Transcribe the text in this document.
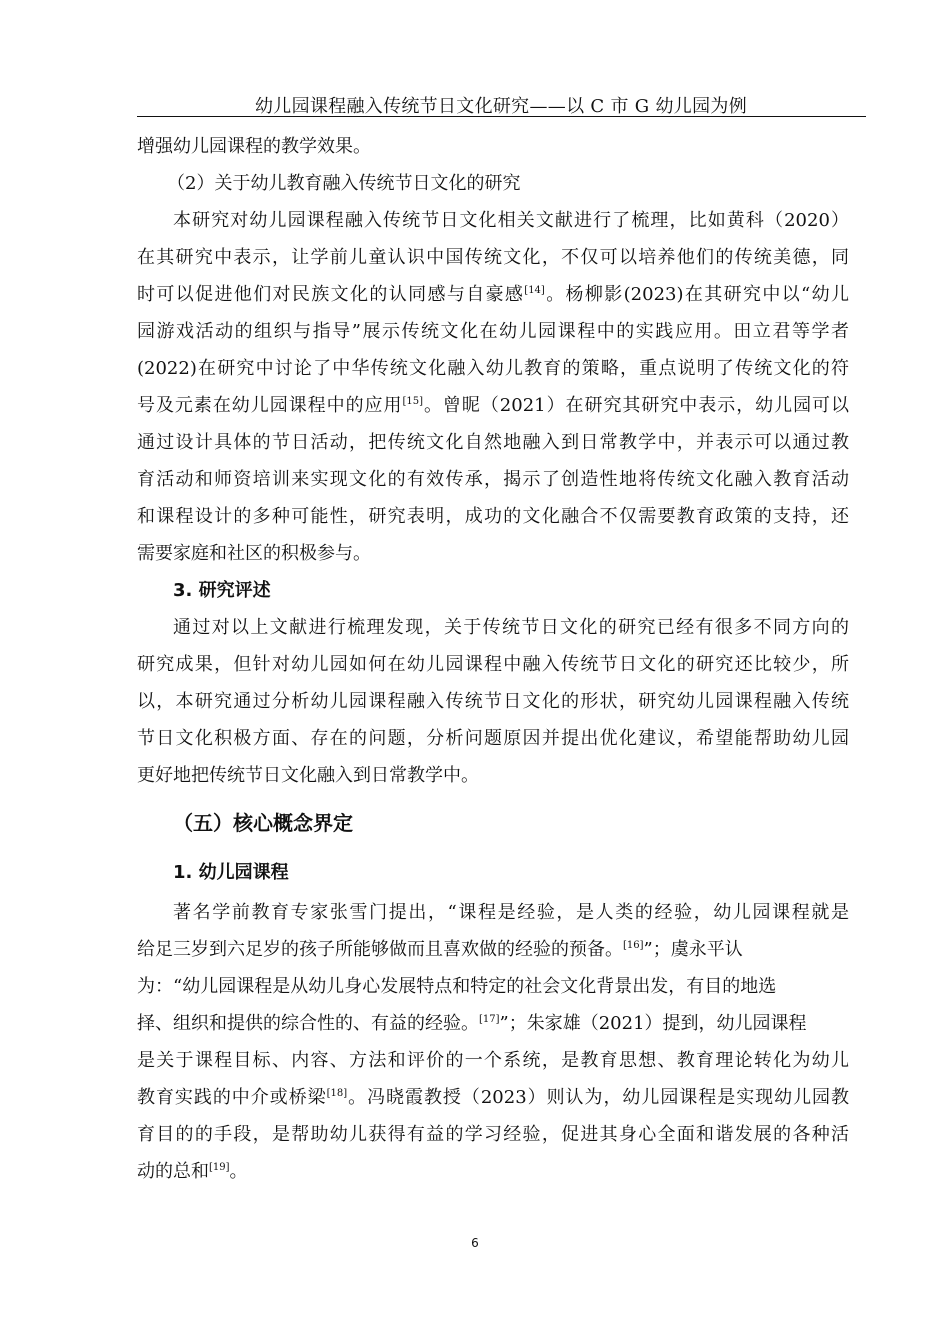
幼儿园课程融入传统节日文化研究——以 C 市 G 幼儿园为例
增强幼儿园课程的教学效果。
（2）关于幼儿教育融入传统节日文化的研究
本研究对幼儿园课程融入传统节日文化相关文献进行了梳理，比如黄科（2020）
在其研究中表示，让学前儿童认识中国传统文化，不仅可以培养他们的传统美德，同
时可以促进他们对民族文化的认同感与自豪感[14]。杨柳影(2023)在其研究中以“幼儿
园游戏活动的组织与指导”展示传统文化在幼儿园课程中的实践应用。田立君等学者
(2022)在研究中讨论了中华传统文化融入幼儿教育的策略，重点说明了传统文化的符
号及元素在幼儿园课程中的应用[15]。曾昵（2021）在研究其研究中表示，幼儿园可以
通过设计具体的节日活动，把传统文化自然地融入到日常教学中，并表示可以通过教
育活动和师资培训来实现文化的有效传承，揭示了创造性地将传统文化融入教育活动
和课程设计的多种可能性，研究表明，成功的文化融合不仅需要教育政策的支持，还
需要家庭和社区的积极参与。
3. 研究评述
通过对以上文献进行梳理发现，关于传统节日文化的研究已经有很多不同方向的
研究成果，但针对幼儿园如何在幼儿园课程中融入传统节日文化的研究还比较少，所
以，本研究通过分析幼儿园课程融入传统节日文化的形状，研究幼儿园课程融入传统
节日文化积极方面、存在的问题，分析问题原因并提出优化建议，希望能帮助幼儿园
更好地把传统节日文化融入到日常教学中。
（五）核心概念界定
1. 幼儿园课程
著名学前教育专家张雪门提出，“课程是经验，是人类的经验，幼儿园课程就是
给足三岁到六足岁的孩子所能够做而且喜欢做的经验的预备。[16]”；虞永平认
为：“幼儿园课程是从幼儿身心发展特点和特定的社会文化背景出发，有目的地选
择、组织和提供的综合性的、有益的经验。[17]”；朱家雄（2021）提到，幼儿园课程
是关于课程目标、内容、方法和评价的一个系统，是教育思想、教育理论转化为幼儿
教育实践的中介或桥梁[18]。冯晓霞教授（2023）则认为，幼儿园课程是实现幼儿园教
育目的的手段，是帮助幼儿获得有益的学习经验，促进其身心全面和谐发展的各种活
动的总和[19]。
6
